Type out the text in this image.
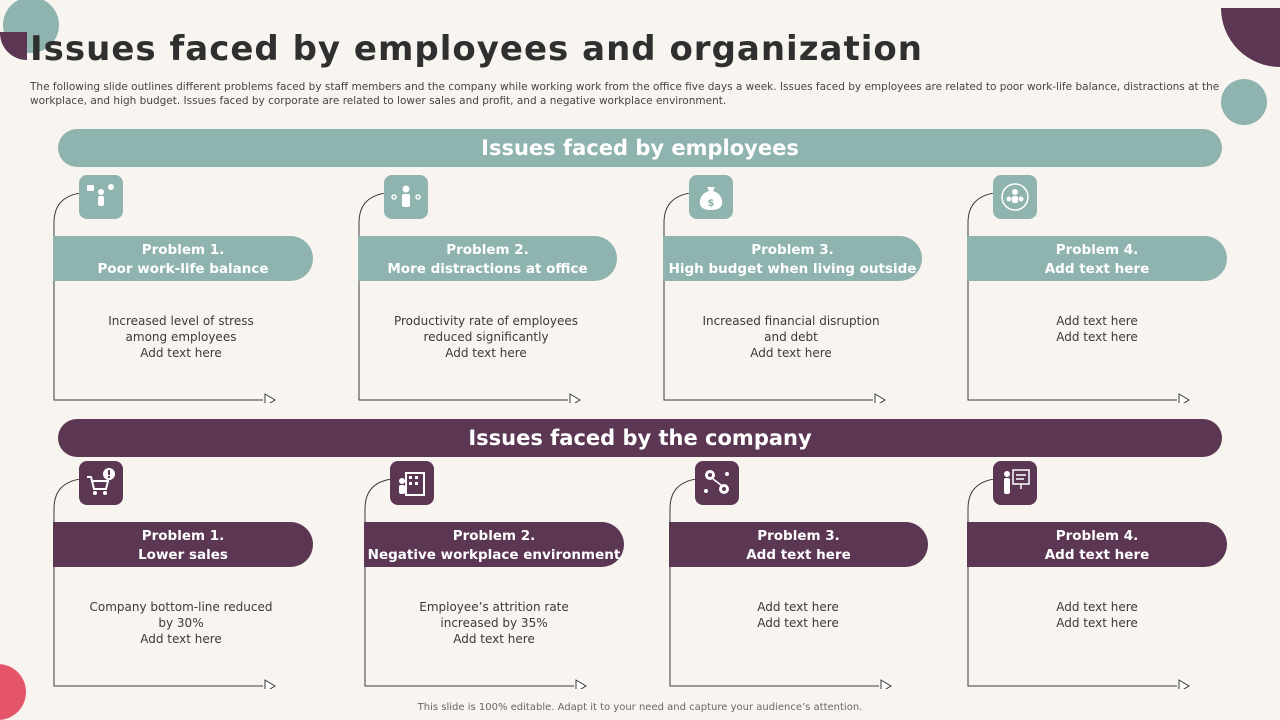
Issues faced by employees and organization

The following slide outlines different problems faced by staff members and the company while working work from the office five days a week. Issues faced by employees are related to poor work-life balance, distractions at the workplace, and high budget. Issues faced by corporate are related to lower sales and profit, and a negative workplace environment.

Issues faced by employees
Issues faced by the company
Problem 1.
Poor work-life balance
Increased level of stress
among employees
Add text here
Problem 2.
More distractions at office
Productivity rate of employees
reduced significantly
Add text here
$
Problem 3.
High budget when living outside
Increased financial disruption
and debt
Add text here
Problem 4.
Add text here
Add text here
Add text here
Problem 1.
Lower sales
Company bottom-line reduced
by 30%
Add text here
Problem 2.
Negative workplace environment
Employee’s attrition rate
increased by 35%
Add text here
Problem 3.
Add text here
Add text here
Add text here
Problem 4.
Add text here
Add text here
Add text here
This slide is 100% editable. Adapt it to your need and capture your audience’s attention.
